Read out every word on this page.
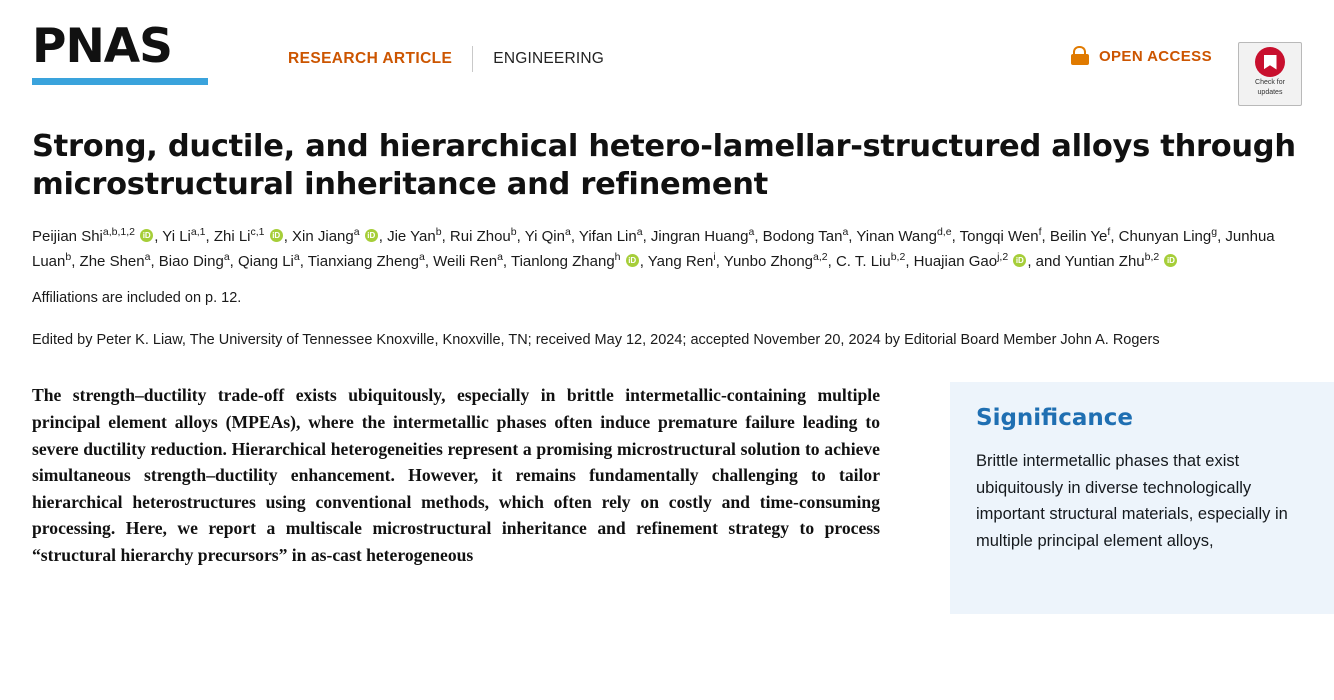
PNAS	RESEARCH ARTICLE	ENGINEERING	OPEN ACCESS
Check for
updates
Strong, ductile, and hierarchical hetero-lamellar-structured alloys through microstructural inheritance and refinement
Peijian Shi$^{a,b,1,2}$ iD , Yi Li$^{a,1}$, Zhi Li$^{c,1}$ iD , Xin Jiang$^a$ iD , Jie Yan$^b$, Rui Zhou$^b$, Yi Qin$^a$, Yifan Lin$^a$, Jingran Huang$^a$, Bodong Tan$^a$, Yinan Wang$^{d,e}$, Tongqi Wen$^f$, Beilin Ye$^f$, Chunyan Ling$^g$, Junhua Luan$^b$, Zhe Shen$^a$, Biao Ding$^a$, Qiang Li$^a$, Tianxiang Zheng$^a$, Weili Ren$^a$, Tianlong Zhang$^h$ iD , Yang Ren$^i$, Yunbo Zhong$^{a,2}$, C. T. Liu$^{b,2}$, Huajian Gao$^{j,2}$ iD , and Yuntian Zhu$^{b,2}$ iD
Affiliations are included on p. 12.
Edited by Peter K. Liaw, The University of Tennessee Knoxville, Knoxville, TN; received May 12, 2024; accepted November 20, 2024 by Editorial Board Member John A. Rogers
The strength–ductility trade-off exists ubiquitously, especially in brittle intermetallic-containing multiple principal element alloys (MPEAs), where the intermetallic phases often induce premature failure leading to severe ductility reduction. Hierarchical heterogeneities represent a promising microstructural solution to achieve simultaneous strength–ductility enhancement. However, it remains fundamentally challenging to tailor hierarchical heterostructures using conventional methods, which often rely on costly and time-consuming processing. Here, we report a multiscale microstructural inheritance and refinement strategy to process “structural hierarchy precursors” in as-cast heterogeneous
Significance
Brittle intermetallic phases that exist ubiquitously in diverse technologically important structural materials, especially in multiple principal element alloys,
